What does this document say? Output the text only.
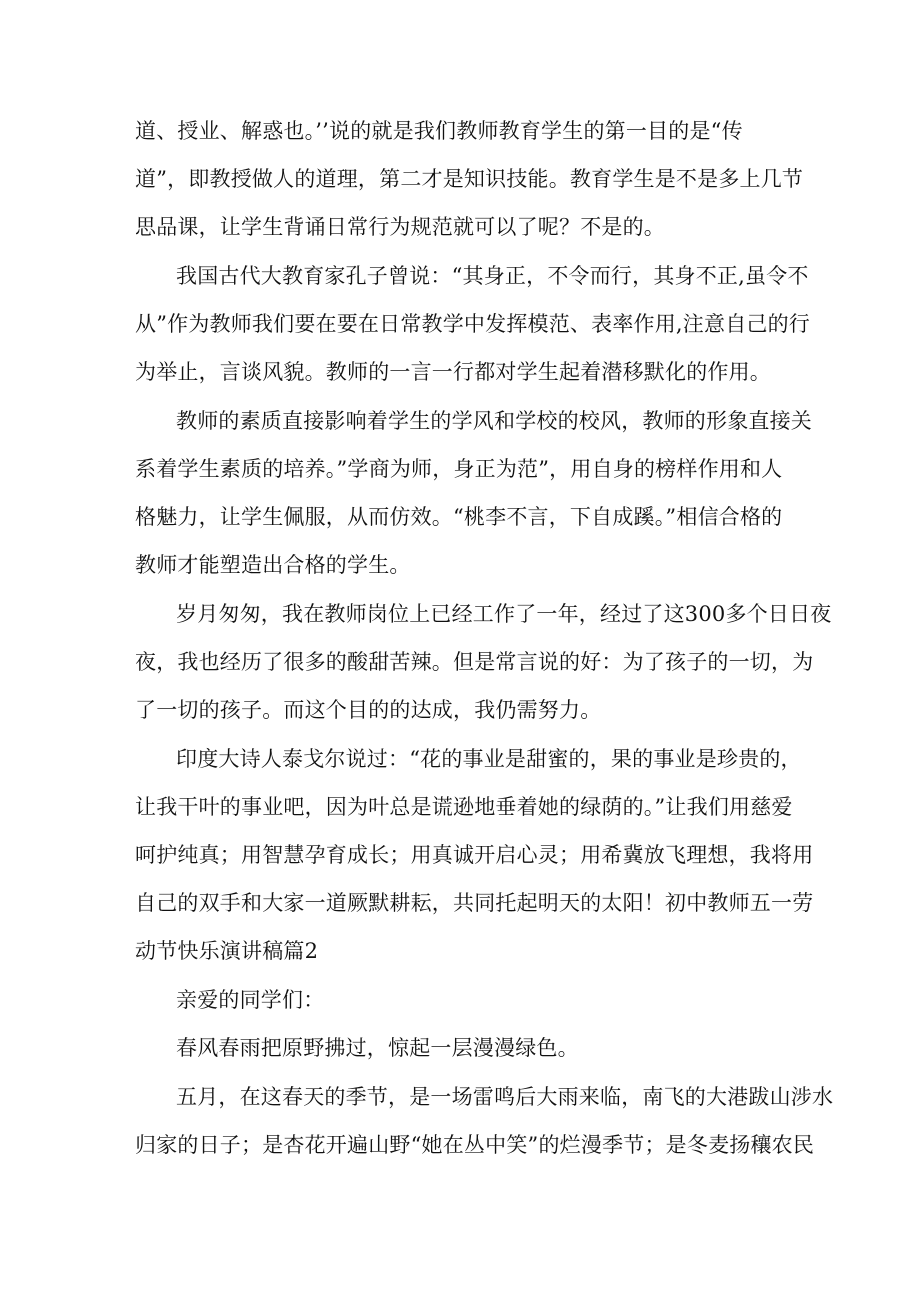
道、授业、解惑也。’’说的就是我们教师教育学生的第一目的是“传
道”，即教授做人的道理，第二才是知识技能。教育学生是不是多上几节
思品课，让学生背诵日常行为规范就可以了呢？不是的。
我国古代大教育家孔子曾说：“其身正，不令而行，其身不正,虽令不
从”作为教师我们要在要在日常教学中发挥模范、表率作用,注意自己的行
为举止，言谈风貌。教师的一言一行都对学生起着潜移默化的作用。
教师的素质直接影响着学生的学风和学校的校风，教师的形象直接关
系着学生素质的培养。”学商为师，身正为范”，用自身的榜样作用和人
格魅力，让学生佩服，从而仿效。“桃李不言，下自成蹊。”相信合格的
教师才能塑造出合格的学生。
岁月匆匆，我在教师岗位上已经工作了一年，经过了这300多个日日夜
夜，我也经历了很多的酸甜苦辣。但是常言说的好：为了孩子的一切，为
了一切的孩子。而这个目的的达成，我仍需努力。
印度大诗人泰戈尔说过：“花的事业是甜蜜的，果的事业是珍贵的，
让我干叶的事业吧，因为叶总是谎逊地垂着她的绿荫的。”让我们用慈爱
呵护纯真；用智慧孕育成长；用真诚开启心灵；用希冀放飞理想，我将用
自己的双手和大家一道厥默耕耘，共同托起明天的太阳！初中教师五一劳
动节快乐演讲稿篇2
亲爱的同学们：
春风春雨把原野拂过，惊起一层漫漫绿色。
五月，在这春天的季节，是一场雷鸣后大雨来临，南飞的大港跋山涉水
归家的日子；是杏花开遍山野“她在丛中笑”的烂漫季节；是冬麦扬穰农民
